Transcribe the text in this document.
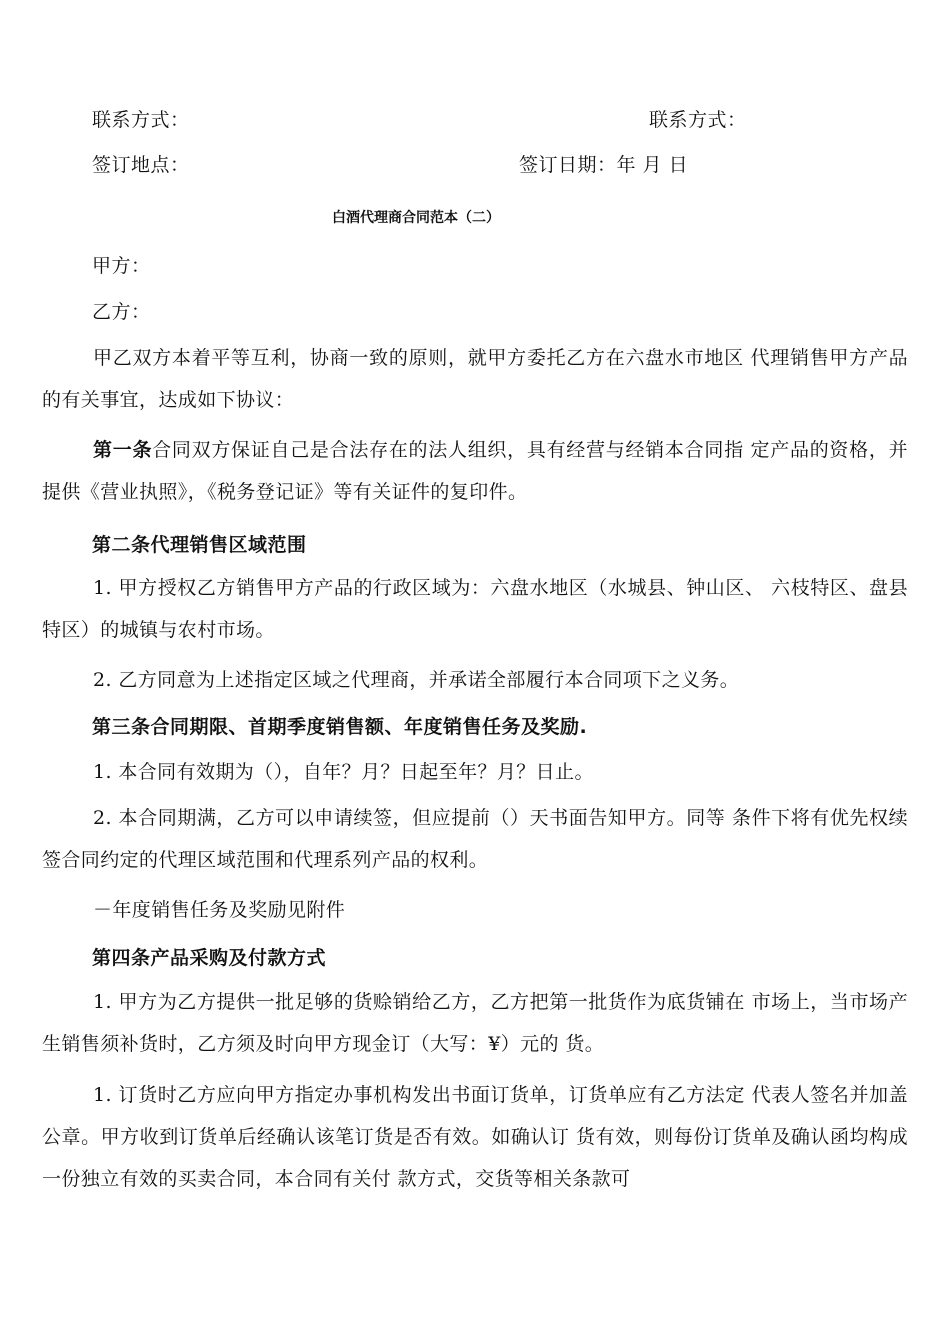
联系方式：	联系方式：
签订地点：	签订日期：年 月 日
白酒代理商合同范本（二）
甲方：
乙方：
甲乙双方本着平等互利，协商一致的原则，就甲方委托乙方在六盘水市地区 代理销售甲方产品的有关事宜，达成如下协议：
第一条合同双方保证自己是合法存在的法人组织，具有经营与经销本合同指 定产品的资格，并提供《营业执照》，《税务登记证》等有关证件的复印件。
第二条代理销售区域范围
1. 甲方授权乙方销售甲方产品的行政区域为：六盘水地区（水城县、钟山区、 六枝特区、盘县特区）的城镇与农村市场。
2. 乙方同意为上述指定区域之代理商，并承诺全部履行本合同项下之义务。
第三条合同期限、首期季度销售额、年度销售任务及奖励.
1. 本合同有效期为（），自年？月？日起至年？月？日止。
2. 本合同期满，乙方可以申请续签，但应提前（）天书面告知甲方。同等 条件下将有优先权续签合同约定的代理区域范围和代理系列产品的权利。
－年度销售任务及奖励见附件
第四条产品采购及付款方式
1. 甲方为乙方提供一批足够的货赊销给乙方，乙方把第一批货作为底货铺在 市场上，当市场产生销售须补货时，乙方须及时向甲方现金订（大写：¥）元的 货。
1. 订货时乙方应向甲方指定办事机构发出书面订货单，订货单应有乙方法定 代表人签名并加盖公章。甲方收到订货单后经确认该笔订货是否有效。如确认订 货有效，则每份订货单及确认函均构成一份独立有效的买卖合同，本合同有关付 款方式，交货等相关条款可
